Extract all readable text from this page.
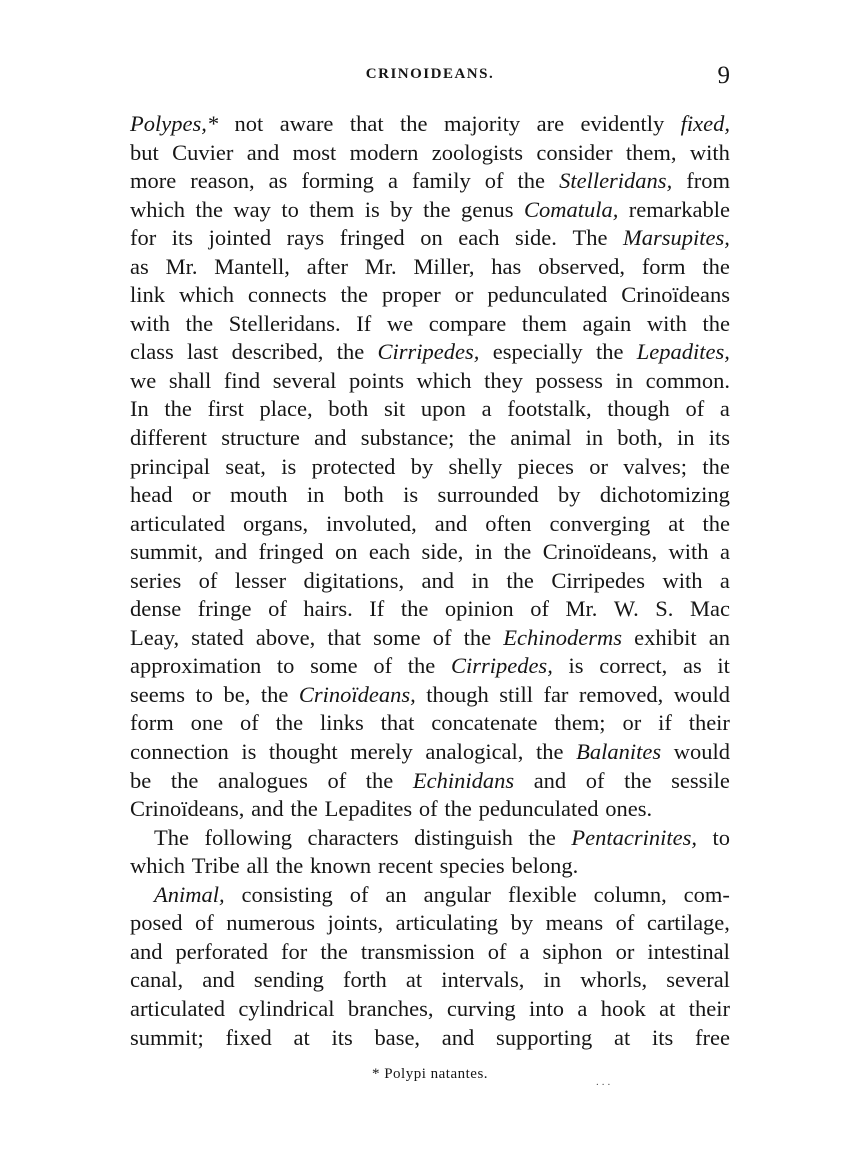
CRINOIDEANS.	9
Polypes,* not aware that the majority are evidently fixed,
but Cuvier and most modern zoologists consider them, with
more reason, as forming a family of the Stelleridans, from
which the way to them is by the genus Comatula, remarkable
for its jointed rays fringed on each side. The Marsupites,
as Mr. Mantell, after Mr. Miller, has observed, form the
link which connects the proper or pedunculated Crinoïdeans
with the Stelleridans. If we compare them again with the
class last described, the Cirripedes, especially the Lepadites,
we shall find several points which they possess in common.
In the first place, both sit upon a footstalk, though of a
different structure and substance; the animal in both, in its
principal seat, is protected by shelly pieces or valves; the
head or mouth in both is surrounded by dichotomizing
articulated organs, involuted, and often converging at the
summit, and fringed on each side, in the Crinoïdeans, with a
series of lesser digitations, and in the Cirripedes with a
dense fringe of hairs. If the opinion of Mr. W. S. Mac
Leay, stated above, that some of the Echinoderms exhibit an
approximation to some of the Cirripedes, is correct, as it
seems to be, the Crinoïdeans, though still far removed, would
form one of the links that concatenate them; or if their
connection is thought merely analogical, the Balanites would
be the analogues of the Echinidans and of the sessile
Crinoïdeans, and the Lepadites of the pedunculated ones.
The following characters distinguish the Pentacrinites, to
which Tribe all the known recent species belong.
Animal, consisting of an angular flexible column, com-
posed of numerous joints, articulating by means of cartilage,
and perforated for the transmission of a siphon or intestinal
canal, and sending forth at intervals, in whorls, several
articulated cylindrical branches, curving into a hook at their
summit; fixed at its base, and supporting at its free
* Polypi natantes.	...
